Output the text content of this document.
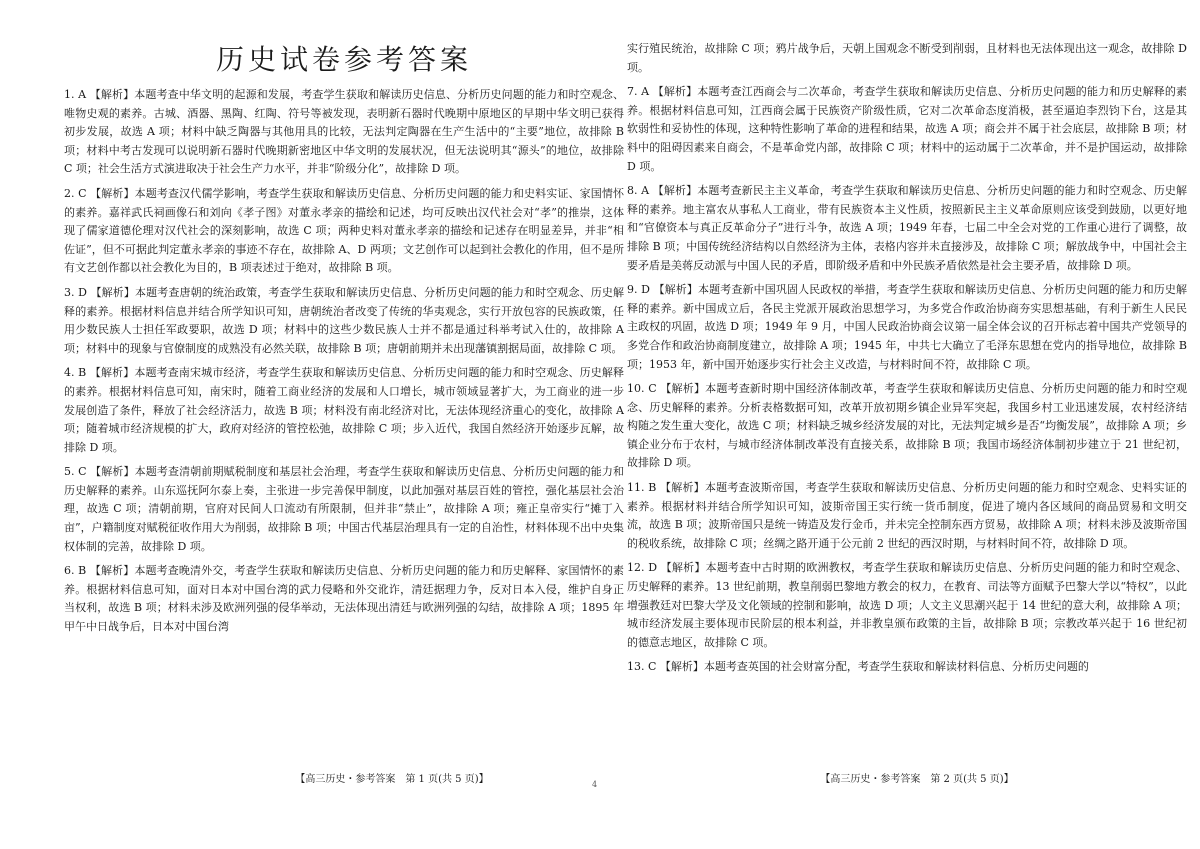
历史试卷参考答案

1. A 【解析】本题考查中华文明的起源和发展，考查学生获取和解读历史信息、分析历史问题的能力和时空观念、唯物史观的素养。古城、酒器、黑陶、红陶、符号等被发现，表明新石器时代晚期中原地区的早期中华文明已获得初步发展，故选 A 项；材料中缺乏陶器与其他用具的比较，无法判定陶器在生产生活中的“主要”地位，故排除 B 项；材料中考古发现可以说明新石器时代晚期新密地区中华文明的发展状况，但无法说明其“源头”的地位，故排除 C 项；社会生活方式演进取决于社会生产力水平，并非“阶级分化”，故排除 D 项。

2. C 【解析】本题考查汉代儒学影响，考查学生获取和解读历史信息、分析历史问题的能力和史料实证、家国情怀的素养。嘉祥武氏祠画像石和刘向《孝子图》对董永孝亲的描绘和记述，均可反映出汉代社会对“孝”的推崇，这体现了儒家道德伦理对汉代社会的深刻影响，故选 C 项；两种史料对董永孝亲的描绘和记述存在明显差异，并非“相佐证”，但不可据此判定董永孝亲的事迹不存在，故排除 A、D 两项；文艺创作可以起到社会教化的作用，但不是所有文艺创作都以社会教化为目的，B 项表述过于绝对，故排除 B 项。

3. D 【解析】本题考查唐朝的统治政策，考查学生获取和解读历史信息、分析历史问题的能力和时空观念、历史解释的素养。根据材料信息并结合所学知识可知，唐朝统治者改变了传统的华夷观念，实行开放包容的民族政策，任用少数民族人士担任军政要职，故选 D 项；材料中的这些少数民族人士并不都是通过科举考试入仕的，故排除 A 项；材料中的现象与官僚制度的成熟没有必然关联，故排除 B 项；唐朝前期并未出现藩镇割据局面，故排除 C 项。

4. B 【解析】本题考查南宋城市经济，考查学生获取和解读历史信息、分析历史问题的能力和时空观念、历史解释的素养。根据材料信息可知，南宋时，随着工商业经济的发展和人口增长，城市领域显著扩大，为工商业的进一步发展创造了条件，释放了社会经济活力，故选 B 项；材料没有南北经济对比，无法体现经济重心的变化，故排除 A 项；随着城市经济规模的扩大，政府对经济的管控松弛，故排除 C 项；步入近代，我国自然经济开始逐步瓦解，故排除 D 项。

5. C 【解析】本题考查清朝前期赋税制度和基层社会治理，考查学生获取和解读历史信息、分析历史问题的能力和历史解释的素养。山东巡抚阿尔泰上奏，主张进一步完善保甲制度，以此加强对基层百姓的管控，强化基层社会治理，故选 C 项；清朝前期，官府对民间人口流动有所限制，但并非“禁止”，故排除 A 项；雍正皇帝实行“摊丁入亩”，户籍制度对赋税征收作用大为削弱，故排除 B 项；中国古代基层治理具有一定的自治性，材料体现不出中央集权体制的完善，故排除 D 项。

6. B 【解析】本题考查晚清外交，考查学生获取和解读历史信息、分析历史问题的能力和历史解释、家国情怀的素养。根据材料信息可知，面对日本对中国台湾的武力侵略和外交讹诈，清廷据理力争，反对日本入侵，维护自身正当权利，故选 B 项；材料未涉及欧洲列强的侵华举动，无法体现出清廷与欧洲列强的勾结，故排除 A 项；1895 年甲午中日战争后，日本对中国台湾

实行殖民统治，故排除 C 项；鸦片战争后，天朝上国观念不断受到削弱，且材料也无法体现出这一观念，故排除 D 项。

7. A 【解析】本题考查江西商会与二次革命，考查学生获取和解读历史信息、分析历史问题的能力和历史解释的素养。根据材料信息可知，江西商会属于民族资产阶级性质，它对二次革命态度消极，甚至逼迫李烈钧下台，这是其软弱性和妥协性的体现，这种特性影响了革命的进程和结果，故选 A 项；商会并不属于社会底层，故排除 B 项；材料中的阻碍因素来自商会，不是革命党内部，故排除 C 项；材料中的运动属于二次革命，并不是护国运动，故排除 D 项。

8. A 【解析】本题考查新民主主义革命，考查学生获取和解读历史信息、分析历史问题的能力和时空观念、历史解释的素养。地主富农从事私人工商业，带有民族资本主义性质，按照新民主主义革命原则应该受到鼓励，以更好地和“官僚资本与真正反革命分子”进行斗争，故选 A 项；1949 年春，七届二中全会对党的工作重心进行了调整，故排除 B 项；中国传统经济结构以自然经济为主体，表格内容并未直接涉及，故排除 C 项；解放战争中，中国社会主要矛盾是美蒋反动派与中国人民的矛盾，即阶级矛盾和中外民族矛盾依然是社会主要矛盾，故排除 D 项。

9. D 【解析】本题考查新中国巩固人民政权的举措，考查学生获取和解读历史信息、分析历史问题的能力和历史解释的素养。新中国成立后，各民主党派开展政治思想学习，为多党合作政治协商夯实思想基础，有利于新生人民民主政权的巩固，故选 D 项；1949 年 9 月，中国人民政治协商会议第一届全体会议的召开标志着中国共产党领导的多党合作和政治协商制度建立，故排除 A 项；1945 年，中共七大确立了毛泽东思想在党内的指导地位，故排除 B 项；1953 年，新中国开始逐步实行社会主义改造，与材料时间不符，故排除 C 项。

10. C 【解析】本题考查新时期中国经济体制改革，考查学生获取和解读历史信息、分析历史问题的能力和时空观念、历史解释的素养。分析表格数据可知，改革开放初期乡镇企业异军突起，我国乡村工业迅速发展，农村经济结构随之发生重大变化，故选 C 项；材料缺乏城乡经济发展的对比，无法判定城乡是否“均衡发展”，故排除 A 项；乡镇企业分布于农村，与城市经济体制改革没有直接关系，故排除 B 项；我国市场经济体制初步建立于 21 世纪初，故排除 D 项。

11. B 【解析】本题考查波斯帝国，考查学生获取和解读历史信息、分析历史问题的能力和时空观念、史料实证的素养。根据材料并结合所学知识可知，波斯帝国王实行统一货币制度，促进了境内各区域间的商品贸易和文明交流，故选 B 项；波斯帝国只是统一铸造及发行金币，并未完全控制东西方贸易，故排除 A 项；材料未涉及波斯帝国的税收系统，故排除 C 项；丝绸之路开通于公元前 2 世纪的西汉时期，与材料时间不符，故排除 D 项。

12. D 【解析】本题考查中古时期的欧洲教权，考查学生获取和解读历史信息、分析历史问题的能力和时空观念、历史解释的素养。13 世纪前期，教皇削弱巴黎地方教会的权力，在教育、司法等方面赋予巴黎大学以“特权”，以此增强教廷对巴黎大学及文化领域的控制和影响，故选 D 项；人文主义思潮兴起于 14 世纪的意大利，故排除 A 项；城市经济发展主要体现市民阶层的根本利益，并非教皇颁布政策的主旨，故排除 B 项；宗教改革兴起于 16 世纪初的德意志地区，故排除 C 项。

13. C 【解析】本题考查英国的社会财富分配，考查学生获取和解读材料信息、分析历史问题的

【高三历史・参考答案　第 1 页(共 5 页)】	4	【高三历史・参考答案　第 2 页(共 5 页)】
